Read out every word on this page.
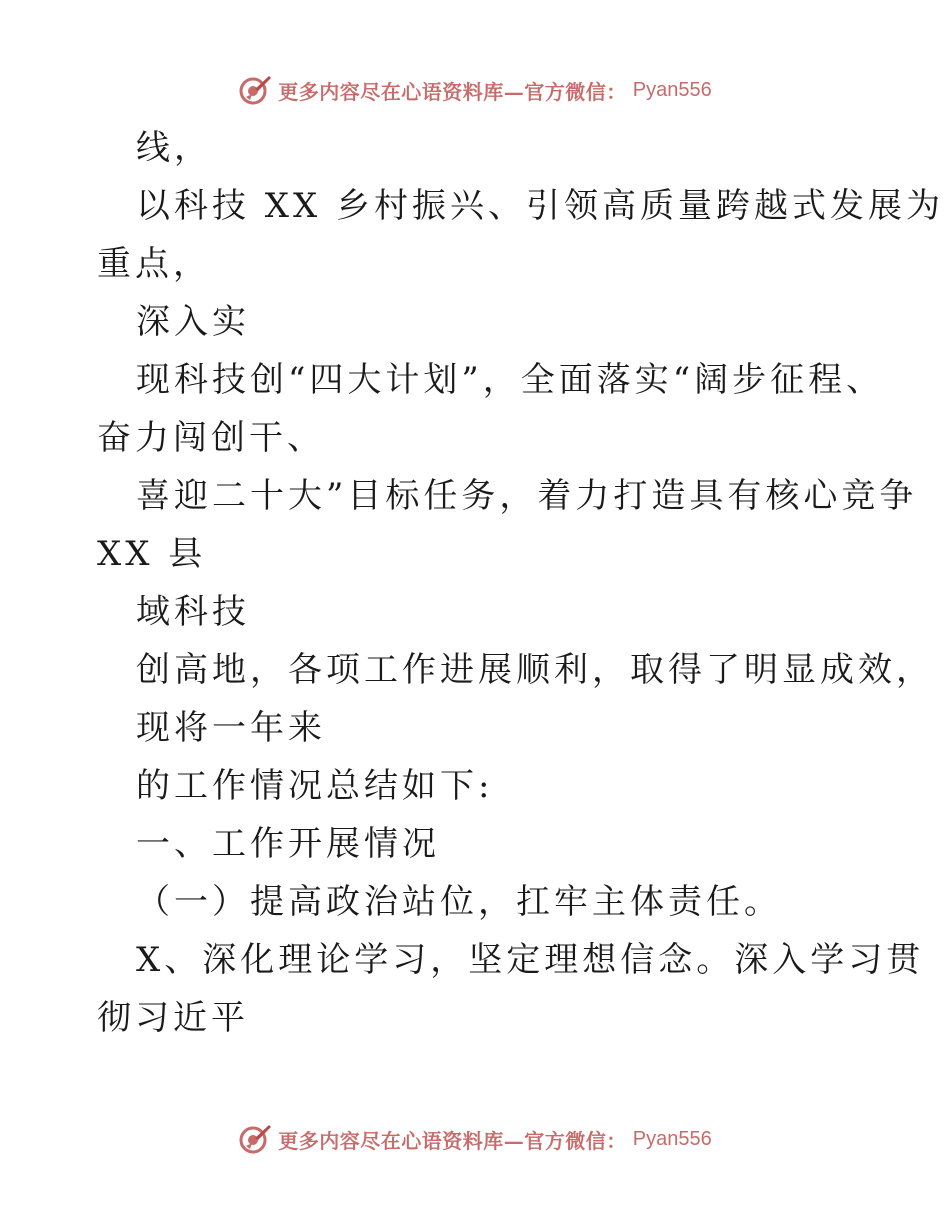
更多内容尽在心语资料库—官方微信： Pyan556
线，
以科技 XX 乡村振兴、引领高质量跨越式发展为
重点，
深入实
现科技创“四大计划”，全面落实“阔步征程、
奋力闯创干、
喜迎二十大”目标任务，着力打造具有核心竞争
XX 县
域科技
创高地，各项工作进展顺利，取得了明显成效，
现将一年来
的工作情况总结如下:
一、工作开展情况
（一）提高政治站位，扛牢主体责任。
X、深化理论学习，坚定理想信念。深入学习贯
彻习近平
更多内容尽在心语资料库—官方微信： Pyan556
